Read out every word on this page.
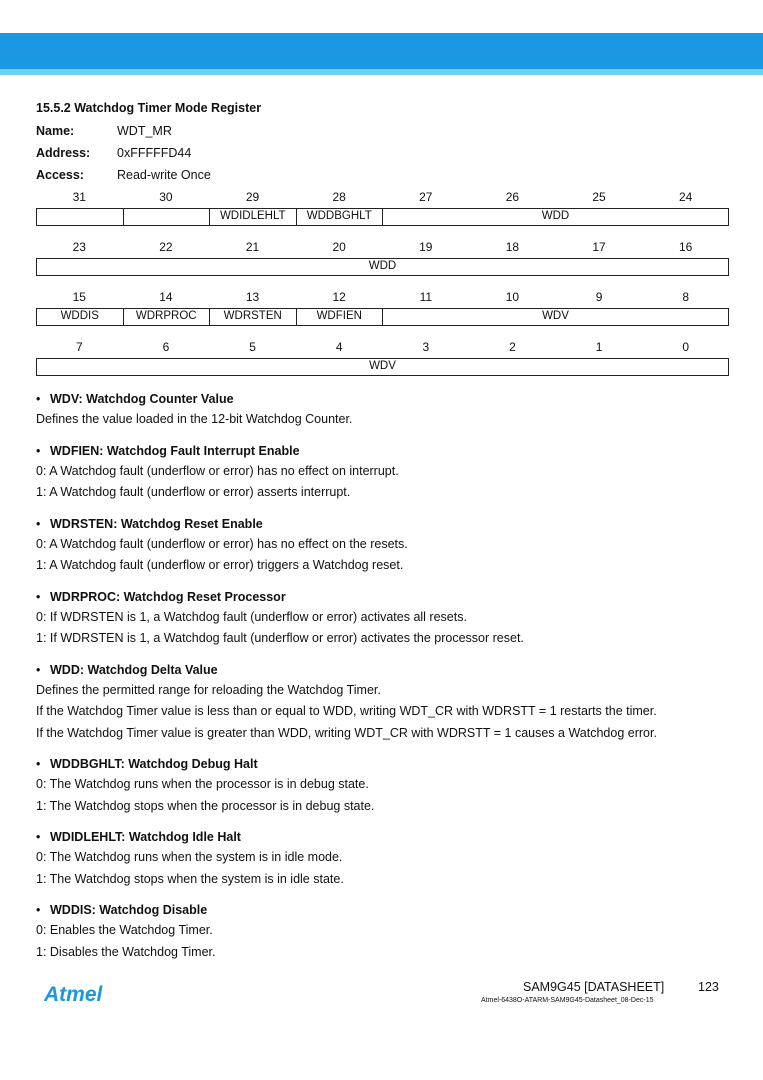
15.5.2 Watchdog Timer Mode Register
Name:	WDT_MR
Address: 0xFFFFFD44
Access:	Read-write Once
31	30	29	28	27	26	25	24
		WDIDLEHLT	WDDBGHLT	WDD
23	22	21	20	19	18	17	16
WDD
15	14	13	12	11	10	9	8
WDDIS	WDRPROC	WDRSTEN	WDFIEN	WDV
7	6	5	4	3	2	1	0
WDV
• WDV: Watchdog Counter Value
Defines the value loaded in the 12-bit Watchdog Counter.
• WDFIEN: Watchdog Fault Interrupt Enable
0: A Watchdog fault (underflow or error) has no effect on interrupt.
1: A Watchdog fault (underflow or error) asserts interrupt.
• WDRSTEN: Watchdog Reset Enable
0: A Watchdog fault (underflow or error) has no effect on the resets.
1: A Watchdog fault (underflow or error) triggers a Watchdog reset.
• WDRPROC: Watchdog Reset Processor
0: If WDRSTEN is 1, a Watchdog fault (underflow or error) activates all resets.
1: If WDRSTEN is 1, a Watchdog fault (underflow or error) activates the processor reset.
• WDD: Watchdog Delta Value
Defines the permitted range for reloading the Watchdog Timer.
If the Watchdog Timer value is less than or equal to WDD, writing WDT_CR with WDRSTT = 1 restarts the timer.
If the Watchdog Timer value is greater than WDD, writing WDT_CR with WDRSTT = 1 causes a Watchdog error.
• WDDBGHLT: Watchdog Debug Halt
0: The Watchdog runs when the processor is in debug state.
1: The Watchdog stops when the processor is in debug state.
• WDIDLEHLT: Watchdog Idle Halt
0: The Watchdog runs when the system is in idle mode.
1: The Watchdog stops when the system is in idle state.
• WDDIS: Watchdog Disable
0: Enables the Watchdog Timer.
1: Disables the Watchdog Timer.
Atmel	SAM9G45 [DATASHEET]	123
Atmel-6438O-ATARM-SAM9G45-Datasheet_08-Dec-15
